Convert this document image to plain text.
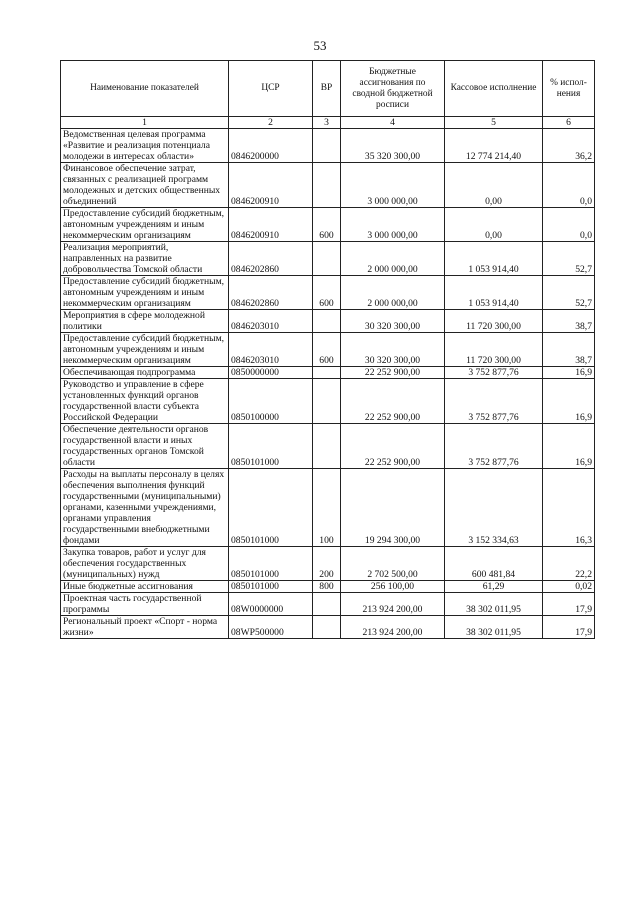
53
Наименование показателей	ЦСР	ВР	Бюджетные ассигнования по сводной бюджетной росписи	Кассовое исполнение	% испол-нения
1	2	3	4	5	6
Ведомственная целевая программа «Развитие и реализация потенциала молодежи в интересах области»	0846200000		35 320 300,00	12 774 214,40	36,2
Финансовое обеспечение затрат, связанных с реализацией программ молодежных и детских общественных объединений	0846200910		3 000 000,00	0,00	0,0
Предоставление субсидий бюджетным, автономным учреждениям и иным некоммерческим организациям	0846200910	600	3 000 000,00	0,00	0,0
Реализация мероприятий, направленных на развитие добровольчества Томской области	0846202860		2 000 000,00	1 053 914,40	52,7
Предоставление субсидий бюджетным, автономным учреждениям и иным некоммерческим организациям	0846202860	600	2 000 000,00	1 053 914,40	52,7
Мероприятия в сфере молодежной политики	0846203010		30 320 300,00	11 720 300,00	38,7
Предоставление субсидий бюджетным, автономным учреждениям и иным некоммерческим организациям	0846203010	600	30 320 300,00	11 720 300,00	38,7
Обеспечивающая подпрограмма	0850000000		22 252 900,00	3 752 877,76	16,9
Руководство и управление в сфере установленных функций органов государственной власти субъекта Российской Федерации	0850100000		22 252 900,00	3 752 877,76	16,9
Обеспечение деятельности органов государственной власти и иных государственных органов Томской области	0850101000		22 252 900,00	3 752 877,76	16,9
Расходы на выплаты персоналу в целях обеспечения выполнения функций государственными (муниципальными) органами, казенными учреждениями, органами управления государственными внебюджетными фондами	0850101000	100	19 294 300,00	3 152 334,63	16,3
Закупка товаров, работ и услуг для обеспечения государственных (муниципальных) нужд	0850101000	200	2 702 500,00	600 481,84	22,2
Иные бюджетные ассигнования	0850101000	800	256 100,00	61,29	0,02
Проектная часть государственной программы	08W0000000		213 924 200,00	38 302 011,95	17,9
Региональный проект «Спорт - норма жизни»	08WP500000		213 924 200,00	38 302 011,95	17,9
